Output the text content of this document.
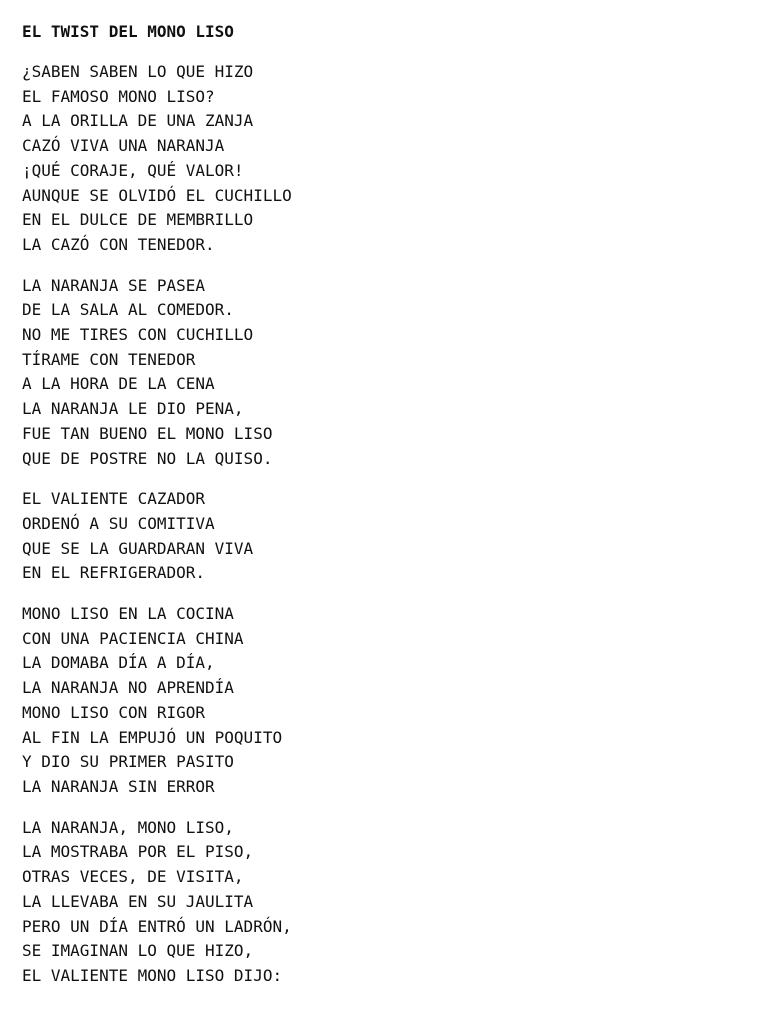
EL TWIST DEL MONO LISO
¿SABEN SABEN LO QUE HIZO
EL FAMOSO MONO LISO?
A LA ORILLA DE UNA ZANJA
CAZÓ VIVA UNA NARANJA
¡QUÉ CORAJE, QUÉ VALOR!
AUNQUE SE OLVIDÓ EL CUCHILLO
EN EL DULCE DE MEMBRILLO
LA CAZÓ CON TENEDOR.
LA NARANJA SE PASEA
DE LA SALA AL COMEDOR.
NO ME TIRES CON CUCHILLO
TÍRAME CON TENEDOR
A LA HORA DE LA CENA
LA NARANJA LE DIO PENA,
FUE TAN BUENO EL MONO LISO
QUE DE POSTRE NO LA QUISO.
EL VALIENTE CAZADOR
ORDENÓ A SU COMITIVA
QUE SE LA GUARDARAN VIVA
EN EL REFRIGERADOR.
MONO LISO EN LA COCINA
CON UNA PACIENCIA CHINA
LA DOMABA DÍA A DÍA,
LA NARANJA NO APRENDÍA
MONO LISO CON RIGOR
AL FIN LA EMPUJÓ UN POQUITO
Y DIO SU PRIMER PASITO
LA NARANJA SIN ERROR
LA NARANJA, MONO LISO,
LA MOSTRABA POR EL PISO,
OTRAS VECES, DE VISITA,
LA LLEVABA EN SU JAULITA
PERO UN DÍA ENTRÓ UN LADRÓN,
SE IMAGINAN LO QUE HIZO,
EL VALIENTE MONO LISO DIJO:
